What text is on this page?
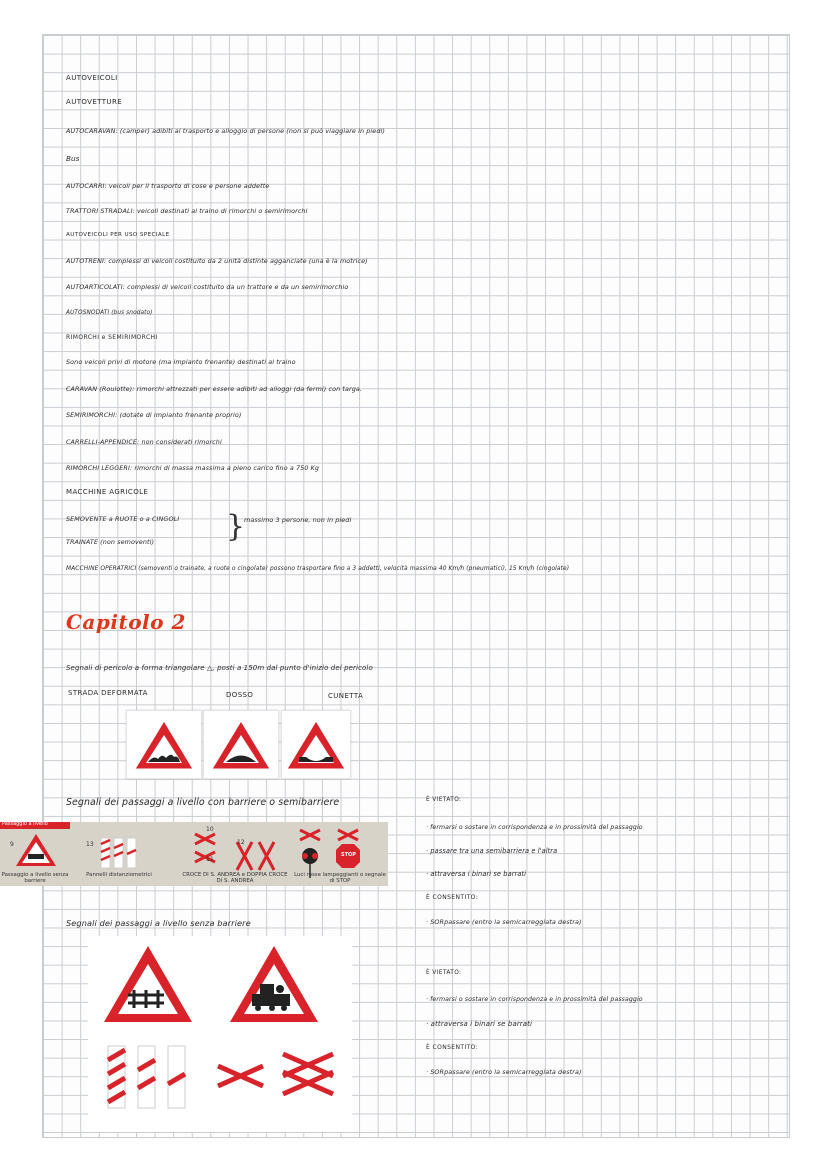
AUTOVEICOLI
AUTOVETTURE
AUTOCARAVAN: (camper) adibiti al trasporto e alloggio di persone (non si può viaggiare in piedi)
Bus
AUTOCARRI: veicoli per il trasporto di cose e persone addette
TRATTORI STRADALI: veicoli destinati al traino di rimorchi o semirimorchi
AUTOVEICOLI PER USO SPECIALE
AUTOTRENI: complessi di veicoli costituito da 2 unità distinte agganciate (una è la motrice)
AUTOARTICOLATI: complessi di veicoli costituito da un trattore e da un semirimorchio
AUTOSNODATI (bus snodato)
RIMORCHI e SEMIRIMORCHI
Sono veicoli privi di motore (ma impianto frenante) destinati al traino
CARAVAN (Roulotte): rimorchi attrezzati per essere adibiti ad alloggi (da fermi) con targa.
SEMIRIMORCHI: (dotate di impianto frenante proprio)
CARRELLI-APPENDICE: non considerati rimorchi
RIMORCHI LEGGERI: rimorchi di massa massima a pieno carico fino a 750 Kg
MACCHINE AGRICOLE
SEMOVENTE a RUOTE o a CINGOLI }
massimo 3 persone, non in piedi
TRAINATE (non semoventi)
MACCHINE OPERATRICI (semoventi o trainate, a ruote o cingolate) possono trasportare fino a 3 addetti, velocità massima 40 Km/h (pneumatici), 15 Km/h (cingolate)
Capitolo 2
Segnali di pericolo a forma triangolare △, posti a 150m dal punto d'inizio del pericolo
STRADA DEFORMATA	DOSSO	CUNETTA
Segnali dei passaggi a livello con barriere o semibarriere
Passaggio a livello
9	13
10
11
12
STOP
Passaggio a livello senza barriere
Pannelli distanziometrici	CROCE DI S. ANDREA e DOPPIA CROCE DI S. ANDREA
Luci rosse lampeggianti o segnale di STOP
È VIETATO:
· fermarsi o sostare in corrispondenza e in prossimità del passaggio
· passare tra una semibarriera e l'altra
· attraversa i binari se barrati
È CONSENTITO:
· SORpassare (entro la semicarreggiata destra)
Segnali dei passaggi a livello senza barriere
È VIETATO:
· fermarsi o sostare in corrispondenza e in prossimità del passaggio
· attraversa i binari se barrati
È CONSENTITO:
· SORpassare (entro la semicarreggiata destra)
